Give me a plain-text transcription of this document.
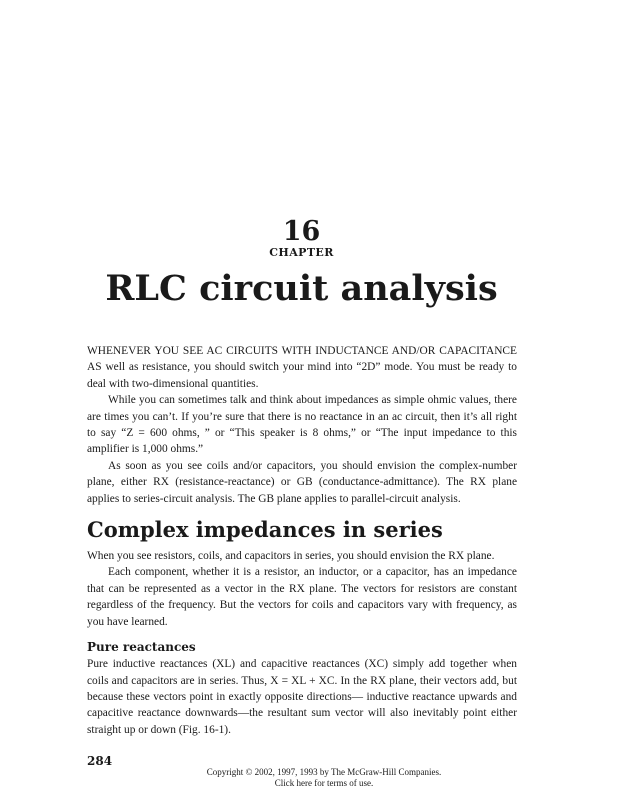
16
CHAPTER
RLC circuit analysis

WHENEVER YOU SEE AC CIRCUITS WITH INDUCTANCE AND/OR CAPACITANCE AS well as resistance, you should switch your mind into “2D” mode. You must be ready to deal with two-dimensional quantities.

While you can sometimes talk and think about impedances as simple ohmic values, there are times you can’t. If you’re sure that there is no reactance in an ac circuit, then it’s all right to say “Z = 600 ohms, ” or “This speaker is 8 ohms,” or “The input impedance to this amplifier is 1,000 ohms.”

As soon as you see coils and/or capacitors, you should envision the complex-number plane, either RX (resistance-reactance) or GB (conductance-admittance). The RX plane applies to series-circuit analysis. The GB plane applies to parallel-circuit analysis.

Complex impedances in series

When you see resistors, coils, and capacitors in series, you should envision the RX plane.

Each component, whether it is a resistor, an inductor, or a capacitor, has an impedance that can be represented as a vector in the RX plane. The vectors for resistors are constant regardless of the frequency. But the vectors for coils and capacitors vary with frequency, as you have learned.

Pure reactances

Pure inductive reactances (XL) and capacitive reactances (XC) simply add together when coils and capacitors are in series. Thus, X = XL + XC. In the RX plane, their vectors add, but because these vectors point in exactly opposite directions— inductive reactance upwards and capacitive reactance downwards—the resultant sum vector will also inevitably point either straight up or down (Fig. 16-1).

284
Copyright © 2002, 1997, 1993 by The McGraw-Hill Companies.
Click here for terms of use.
